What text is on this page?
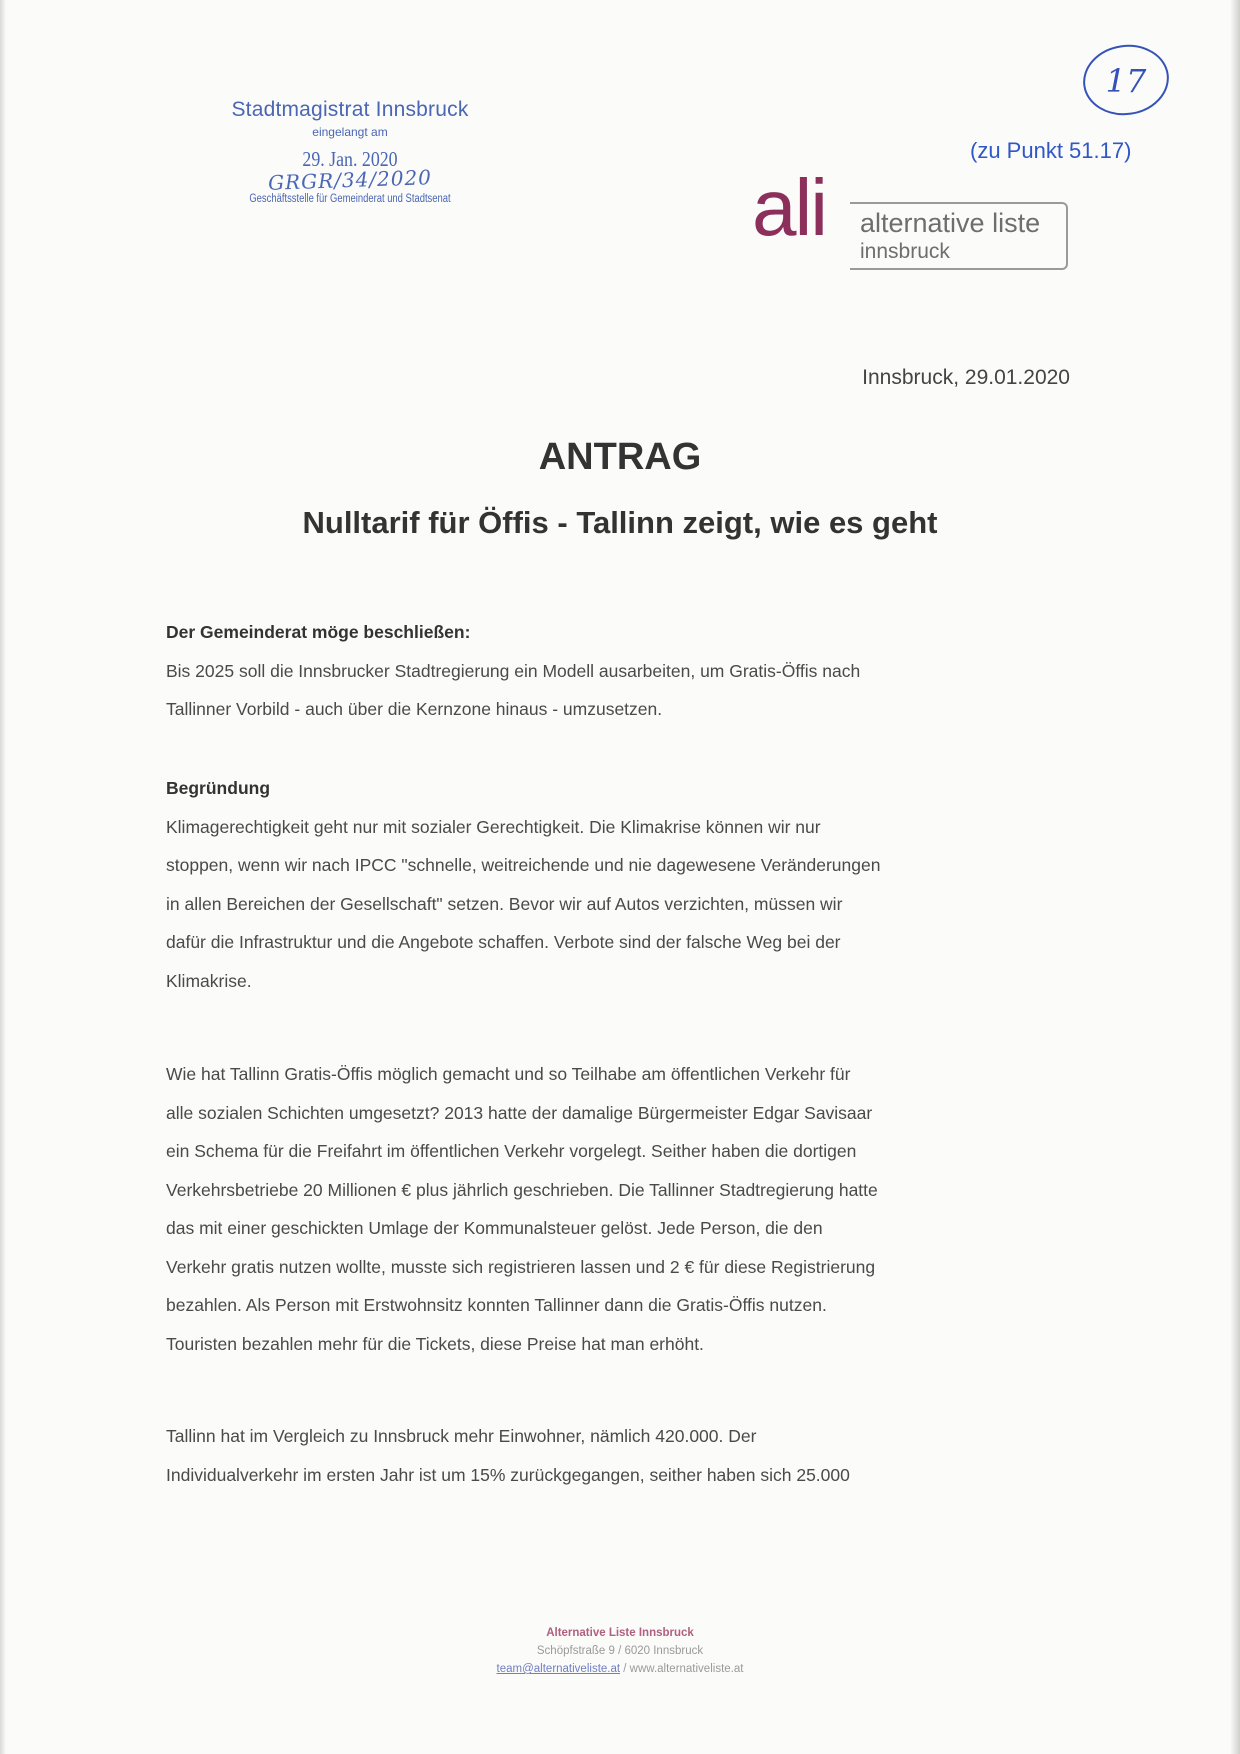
Stadtmagistrat Innsbruck
eingelangt am
29. Jan. 2020
GRGR/34/2020
Geschäftsstelle für Gemeinderat und Stadtsenat
17
(zu Punkt 51.17)
ali alternative liste
innsbruck
Innsbruck, 29.01.2020
ANTRAG
Nulltarif für Öffis - Tallinn zeigt, wie es geht

Der Gemeinderat möge beschließen:

Bis 2025 soll die Innsbrucker Stadtregierung ein Modell ausarbeiten, um Gratis-Öffis nach

Tallinner Vorbild - auch über die Kernzone hinaus - umzusetzen.

Begründung

Klimagerechtigkeit geht nur mit sozialer Gerechtigkeit. Die Klimakrise können wir nur

stoppen, wenn wir nach IPCC "schnelle, weitreichende und nie dagewesene Veränderungen

in allen Bereichen der Gesellschaft" setzen. Bevor wir auf Autos verzichten, müssen wir

dafür die Infrastruktur und die Angebote schaffen. Verbote sind der falsche Weg bei der

Klimakrise.

Wie hat Tallinn Gratis-Öffis möglich gemacht und so Teilhabe am öffentlichen Verkehr für

alle sozialen Schichten umgesetzt? 2013 hatte der damalige Bürgermeister Edgar Savisaar

ein Schema für die Freifahrt im öffentlichen Verkehr vorgelegt. Seither haben die dortigen

Verkehrsbetriebe 20 Millionen € plus jährlich geschrieben. Die Tallinner Stadtregierung hatte

das mit einer geschickten Umlage der Kommunalsteuer gelöst. Jede Person, die den

Verkehr gratis nutzen wollte, musste sich registrieren lassen und 2 € für diese Registrierung

bezahlen. Als Person mit Erstwohnsitz konnten Tallinner dann die Gratis-Öffis nutzen.

Touristen bezahlen mehr für die Tickets, diese Preise hat man erhöht.

Tallinn hat im Vergleich zu Innsbruck mehr Einwohner, nämlich 420.000. Der

Individualverkehr im ersten Jahr ist um 15% zurückgegangen, seither haben sich 25.000

Alternative Liste Innsbruck
Schöpfstraße 9 / 6020 Innsbruck
team@alternativeliste.at / www.alternativeliste.at
